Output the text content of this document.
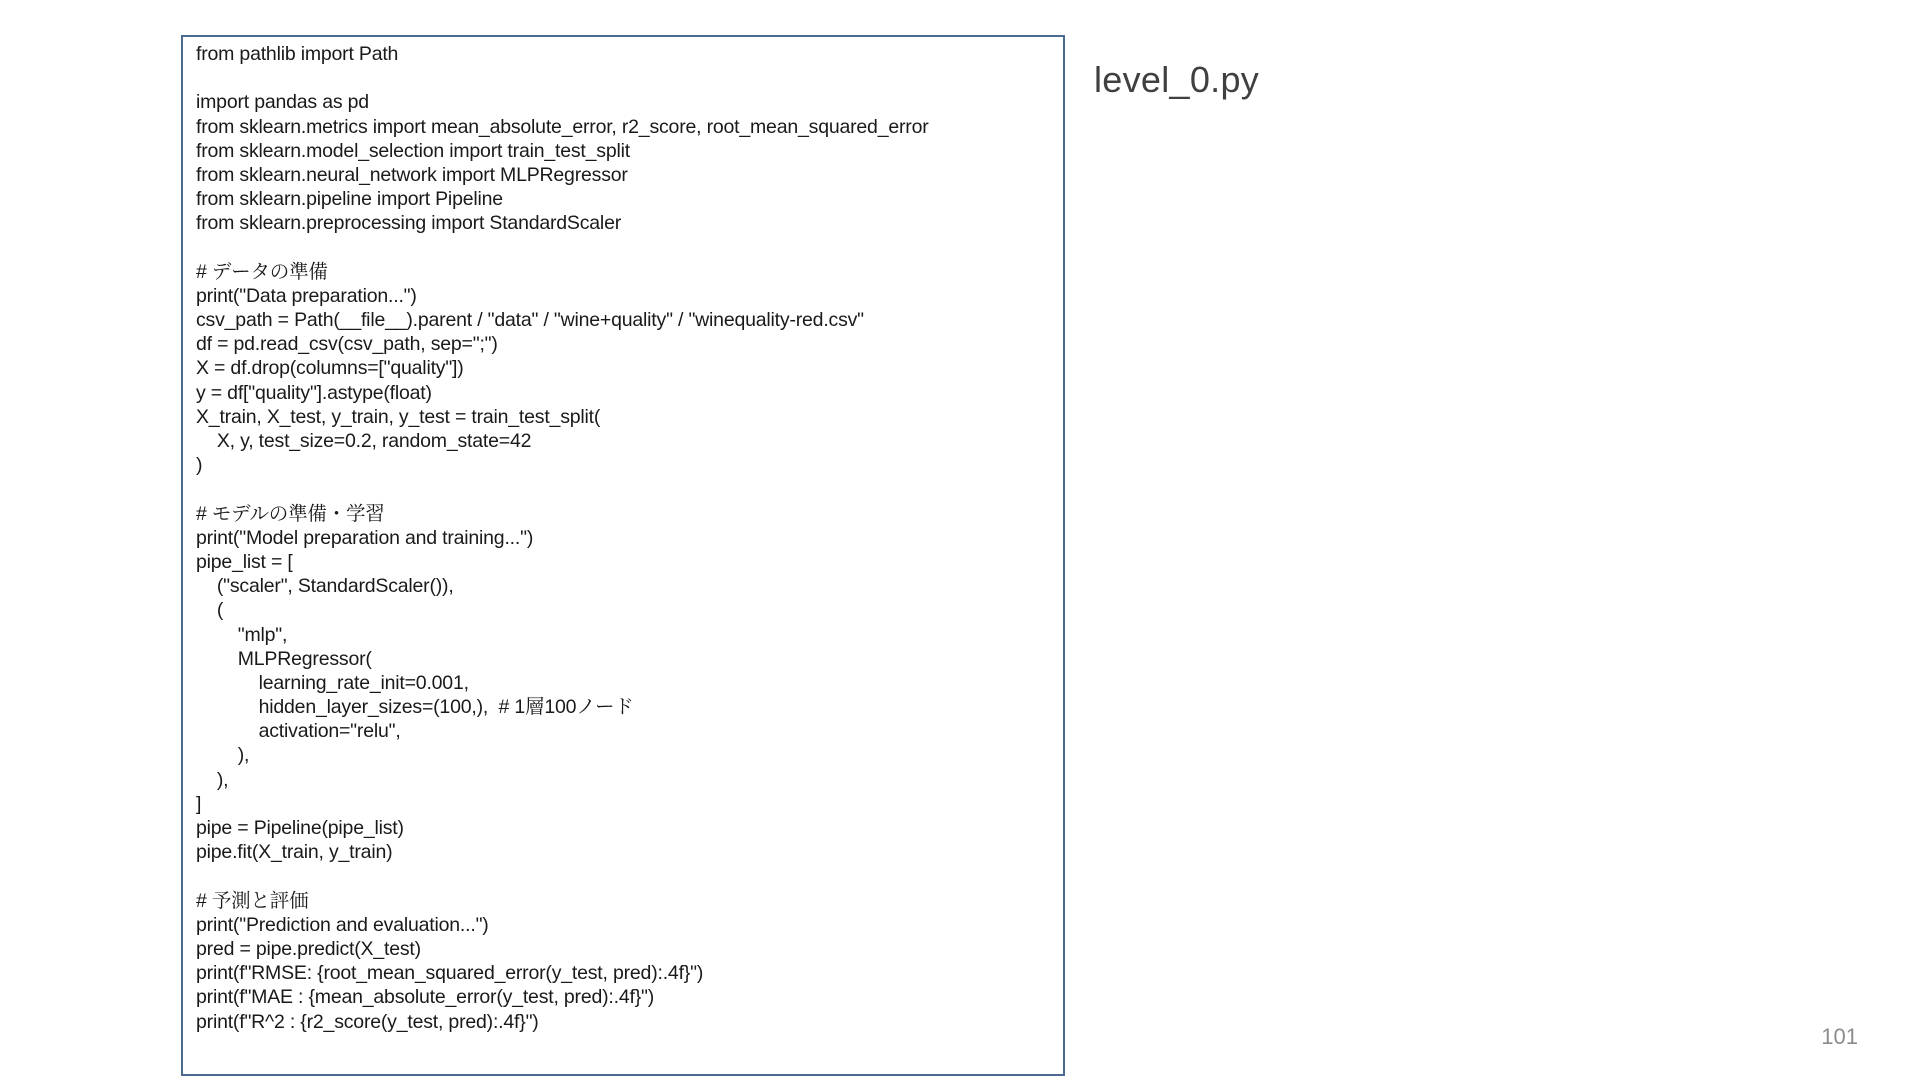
from pathlib import Path
import pandas as pd
from sklearn.metrics import mean_absolute_error, r2_score, root_mean_squared_error
from sklearn.model_selection import train_test_split
from sklearn.neural_network import MLPRegressor
from sklearn.pipeline import Pipeline
from sklearn.preprocessing import StandardScaler
# データの準備
print("Data preparation...")
csv_path = Path(__file__).parent / "data" / "wine+quality" / "winequality-red.csv"
df = pd.read_csv(csv_path, sep=";")
X = df.drop(columns=["quality"])
y = df["quality"].astype(float)
X_train, X_test, y_train, y_test = train_test_split(
X, y, test_size=0.2, random_state=42
)
# モデルの準備・学習
print("Model preparation and training...")
pipe_list = [
("scaler", StandardScaler()),
(
"mlp",
MLPRegressor(
learning_rate_init=0.001,
hidden_layer_sizes=(100,),  # 1層100ノード
activation="relu",
),
),
]
pipe = Pipeline(pipe_list)
pipe.fit(X_train, y_train)
# 予測と評価
print("Prediction and evaluation...")
pred = pipe.predict(X_test)
print(f"RMSE: {root_mean_squared_error(y_test, pred):.4f}")
print(f"MAE : {mean_absolute_error(y_test, pred):.4f}")
print(f"R^2 : {r2_score(y_test, pred):.4f}")
level_0.py
101
